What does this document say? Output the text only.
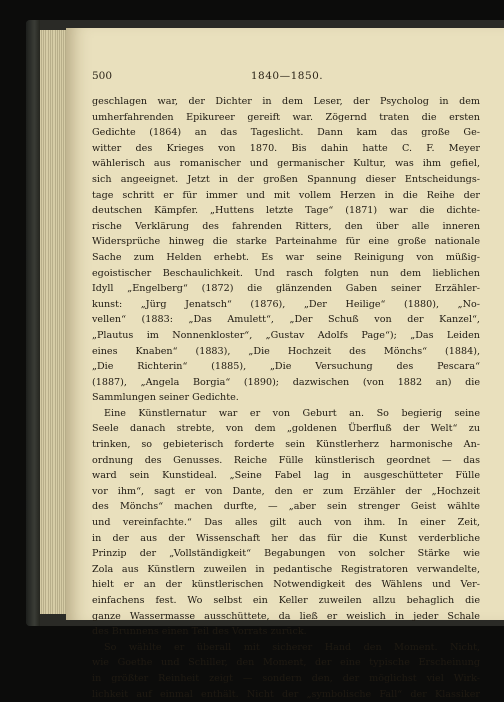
500	1840—1850.
geschlagen war, der Dichter in dem Leser, der Psycholog in dem
umherfahrenden Epikureer gereift war. Zögernd traten die ersten
Gedichte (1864) an das Tageslicht. Dann kam das große Ge-
witter des Krieges von 1870. Bis dahin hatte C. F. Meyer
wählerisch aus romanischer und germanischer Kultur, was ihm gefiel,
sich angeeignet. Jetzt in der großen Spannung dieser Entscheidungs-
tage schritt er für immer und mit vollem Herzen in die Reihe der
deutschen Kämpfer. „Huttens letzte Tage“ (1871) war die dichte-
rische Verklärung des fahrenden Ritters, den über alle inneren
Widersprüche hinweg die starke Parteinahme für eine große nationale
Sache zum Helden erhebt. Es war seine Reinigung von müßig-
egoistischer Beschaulichkeit. Und rasch folgten nun dem lieblichen
Idyll „Engelberg“ (1872) die glänzenden Gaben seiner Erzähler-
kunst: „Jürg Jenatsch“ (1876), „Der Heilige“ (1880), „No-
vellen“ (1883: „Das Amulett“, „Der Schuß von der Kanzel“,
„Plautus im Nonnenkloster“, „Gustav Adolfs Page“); „Das Leiden
eines Knaben“ (1883), „Die Hochzeit des Mönchs“ (1884),
„Die Richterin“ (1885), „Die Versuchung des Pescara“
(1887), „Angela Borgia“ (1890); dazwischen (von 1882 an) die
Sammlungen seiner Gedichte.
Eine Künstlernatur war er von Geburt an. So begierig seine
Seele danach strebte, von dem „goldenen Überfluß der Welt“ zu
trinken, so gebieterisch forderte sein Künstlerherz harmonische An-
ordnung des Genusses. Reiche Fülle künstlerisch geordnet — das
ward sein Kunstideal. „Seine Fabel lag in ausgeschütteter Fülle
vor ihm“, sagt er von Dante, den er zum Erzähler der „Hochzeit
des Mönchs“ machen durfte, — „aber sein strenger Geist wählte
und vereinfachte.“ Das alles gilt auch von ihm. In einer Zeit,
in der aus der Wissenschaft her das für die Kunst verderbliche
Prinzip der „Vollständigkeit“ Begabungen von solcher Stärke wie
Zola aus Künstlern zuweilen in pedantische Registratoren verwandelte,
hielt er an der künstlerischen Notwendigkeit des Wählens und Ver-
einfachens fest. Wo selbst ein Keller zuweilen allzu behaglich die
ganze Wassermasse ausschüttete, da ließ er weislich in jeder Schale
des Brunnens einen Teil des Vorrats zurück.
So wählte er überall mit sicherer Hand den Moment. Nicht,
wie Goethe und Schiller, den Moment, der eine typische Erscheinung
in größter Reinheit zeigt — sondern den, der möglichst viel Wirk-
lichkeit auf einmal enthält. Nicht der „symbolische Fall“ der Klassiker
